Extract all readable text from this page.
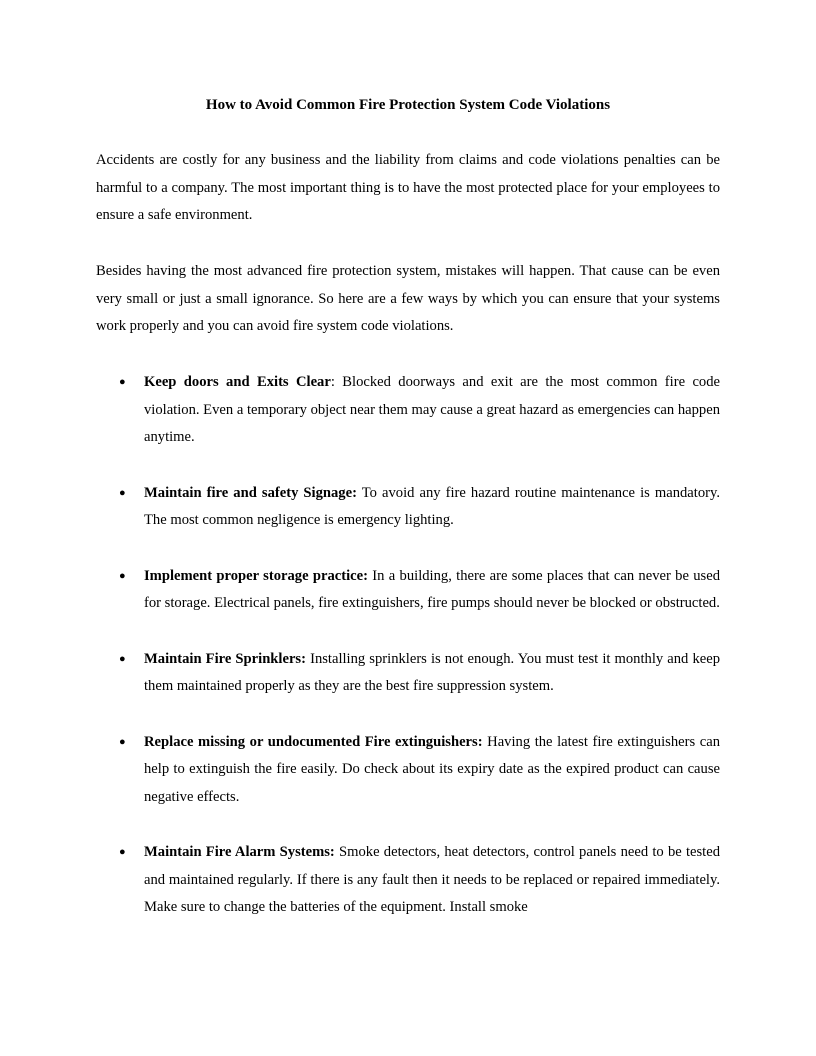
How to Avoid Common Fire Protection System Code Violations

Accidents are costly for any business and the liability from claims and code violations penalties can be harmful to a company. The most important thing is to have the most protected place for your employees to ensure a safe environment.

Besides having the most advanced fire protection system, mistakes will happen. That cause can be even very small or just a small ignorance. So here are a few ways by which you can ensure that your systems work properly and you can avoid fire system code violations.

● Keep doors and Exits Clear: Blocked doorways and exit are the most common fire code violation. Even a temporary object near them may cause a great hazard as emergencies can happen anytime.
● Maintain fire and safety Signage: To avoid any fire hazard routine maintenance is mandatory. The most common negligence is emergency lighting.
● Implement proper storage practice: In a building, there are some places that can never be used for storage. Electrical panels, fire extinguishers, fire pumps should never be blocked or obstructed.
● Maintain Fire Sprinklers: Installing sprinklers is not enough. You must test it monthly and keep them maintained properly as they are the best fire suppression system.
● Replace missing or undocumented Fire extinguishers: Having the latest fire extinguishers can help to extinguish the fire easily. Do check about its expiry date as the expired product can cause negative effects.
● Maintain Fire Alarm Systems: Smoke detectors, heat detectors, control panels need to be tested and maintained regularly. If there is any fault then it needs to be replaced or repaired immediately. Make sure to change the batteries of the equipment. Install smoke
